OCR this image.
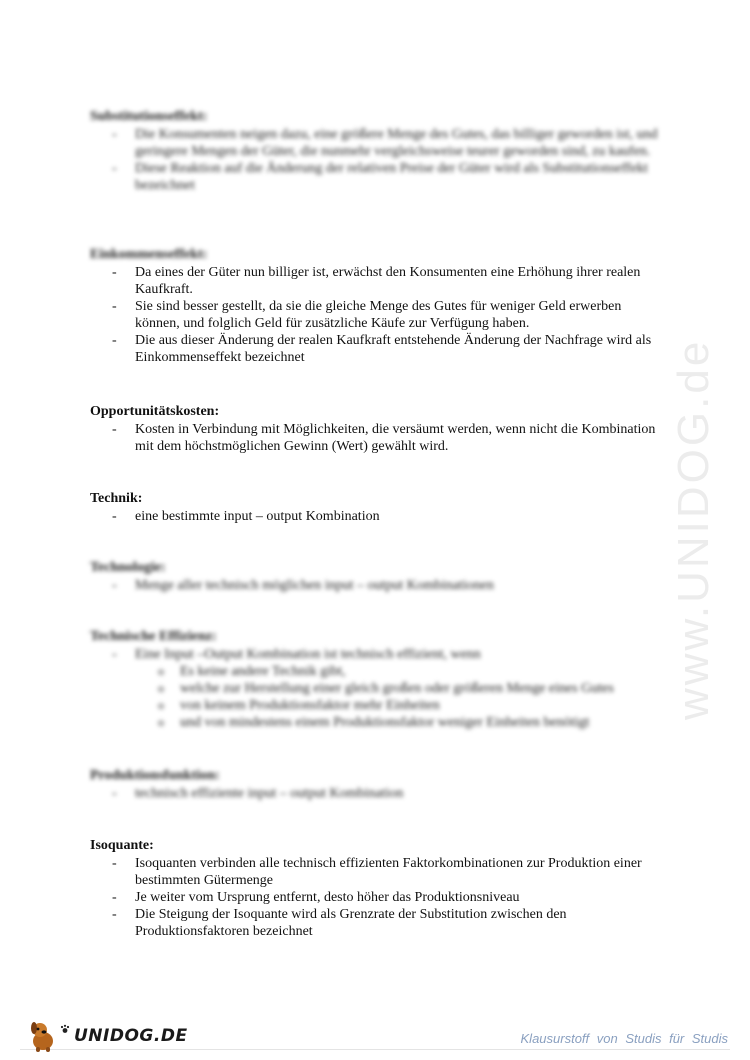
www.UNIDOG.de
Substitutionseffekt:
- Die Konsumenten neigen dazu, eine größere Menge des Gutes, das billiger geworden ist, und geringere Mengen der Güter, die nunmehr vergleichsweise teurer geworden sind, zu kaufen.
- Diese Reaktion auf die Änderung der relativen Preise der Güter wird als Substitutionseffekt bezeichnet
Einkommenseffekt:
- Da eines der Güter nun billiger ist, erwächst den Konsumenten eine Erhöhung ihrer realen Kaufkraft.
- Sie sind besser gestellt, da sie die gleiche Menge des Gutes für weniger Geld erwerben können, und folglich Geld für zusätzliche Käufe zur Verfügung haben.
- Die aus dieser Änderung der realen Kaufkraft entstehende Änderung der Nachfrage wird als Einkommenseffekt bezeichnet
Opportunitätskosten:
- Kosten in Verbindung mit Möglichkeiten, die versäumt werden, wenn nicht die Kombination mit dem höchstmöglichen Gewinn (Wert) gewählt wird.
Technik:
- eine bestimmte input – output Kombination
Technologie:
- Menge aller technisch möglichen input – output Kombinationen
Technische Effizienz:
- Eine Input –Output Kombination ist technisch effizient, wenn
o Es keine andere Technik gibt,
o welche zur Herstellung einer gleich großen oder größeren Menge eines Gutes
o von keinem Produktionsfaktor mehr Einheiten
o und von mindestens einem Produktionsfaktor weniger Einheiten benötigt
Produktionsfunktion:
- technisch effiziente input – output Kombination
Isoquante:
- Isoquanten verbinden alle technisch effizienten Faktorkombinationen zur Produktion einer bestimmten Gütermenge
- Je weiter vom Ursprung entfernt, desto höher das Produktionsniveau
- Die Steigung der Isoquante wird als Grenzrate der Substitution zwischen den Produktionsfaktoren bezeichnet
UNIDOG.DE	Klausurstoff von Studis für Studis
